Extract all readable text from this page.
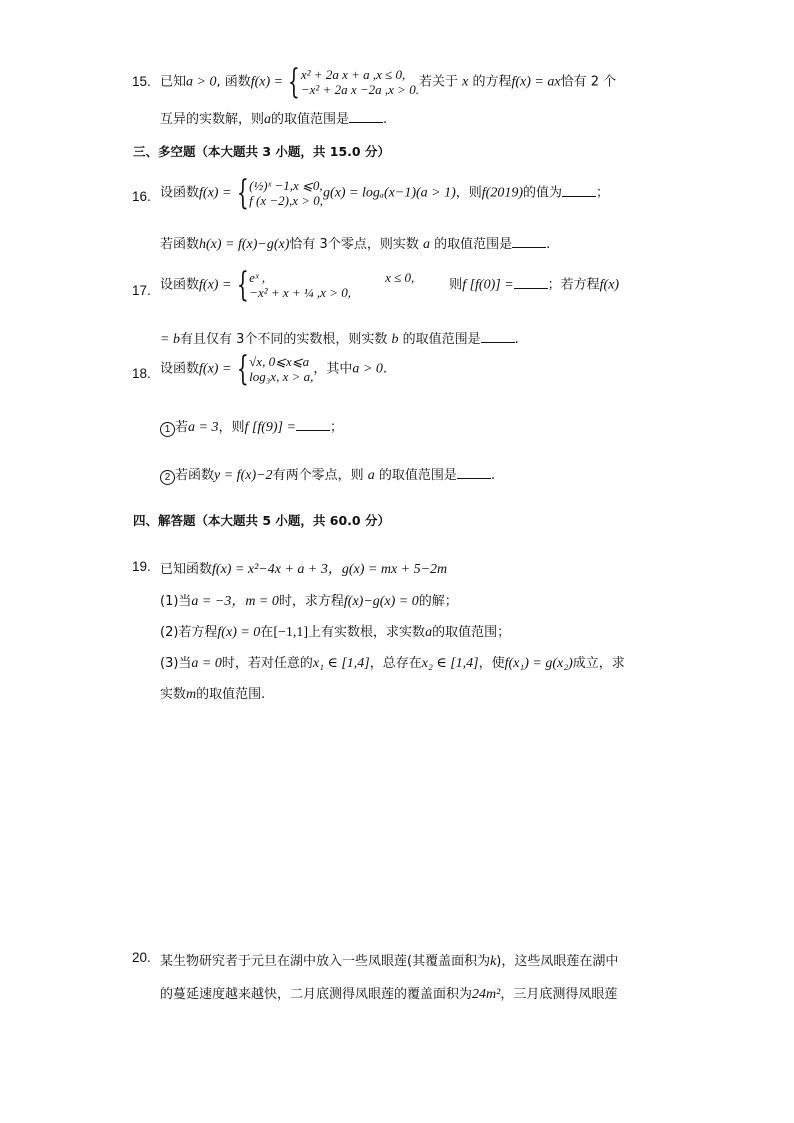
15. 已知a > 0, 函数f(x) = { x² + 2a x + a ,x ≤ 0,
−x² + 2a x −2a ,x > 0. 若关于 x 的方程f(x) = ax恰有 2 个
互异的实数解，则a的取值范围是	.
三、多空题（本大题共 3 小题，共 15.0 分）
16. 设函数f(x) = { (½)ˣ −1,x ⩽0,
f (x −2),x > 0, g(x) = logₐ(x−1)(a > 1)，则f(2019)的值为	；
若函数h(x) = f(x)−g(x)恰有 3个零点，则实数 a 的取值范围是	.
17. 设函数f(x) = { eˣ ,	x ≤ 0,
−x² + x + ¼ ,x > 0,	则f [f(0)] =	；若方程f(x)
= b有且仅有 3个不同的实数根，则实数 b 的取值范围是	.
18. 设函数f(x) = { √x, 0⩽x⩽a
log₃x, x > a, ，其中a > 0.
1 若a = 3，则f [f(9)] =	；
2 若函数y = f(x)−2有两个零点，则 a 的取值范围是	.
四、解答题（本大题共 5 小题，共 60.0 分）
19. 已知函数f(x) = x²−4x + a + 3，g(x) = mx + 5−2m
(1)当a = −3，m = 0时，求方程f(x)−g(x) = 0的解；
(2)若方程f(x) = 0在[−1,1]上有实数根，求实数a的取值范围；
(3)当a = 0时，若对任意的x₁ ∈ [1,4]，总存在x₂ ∈ [1,4]，使f(x₁) = g(x₂)成立，求
实数m的取值范围.
20. 某生物研究者于元旦在湖中放入一些凤眼莲(其覆盖面积为k)，这些凤眼莲在湖中
的蔓延速度越来越快，二月底测得凤眼莲的覆盖面积为24m²，三月底测得凤眼莲
